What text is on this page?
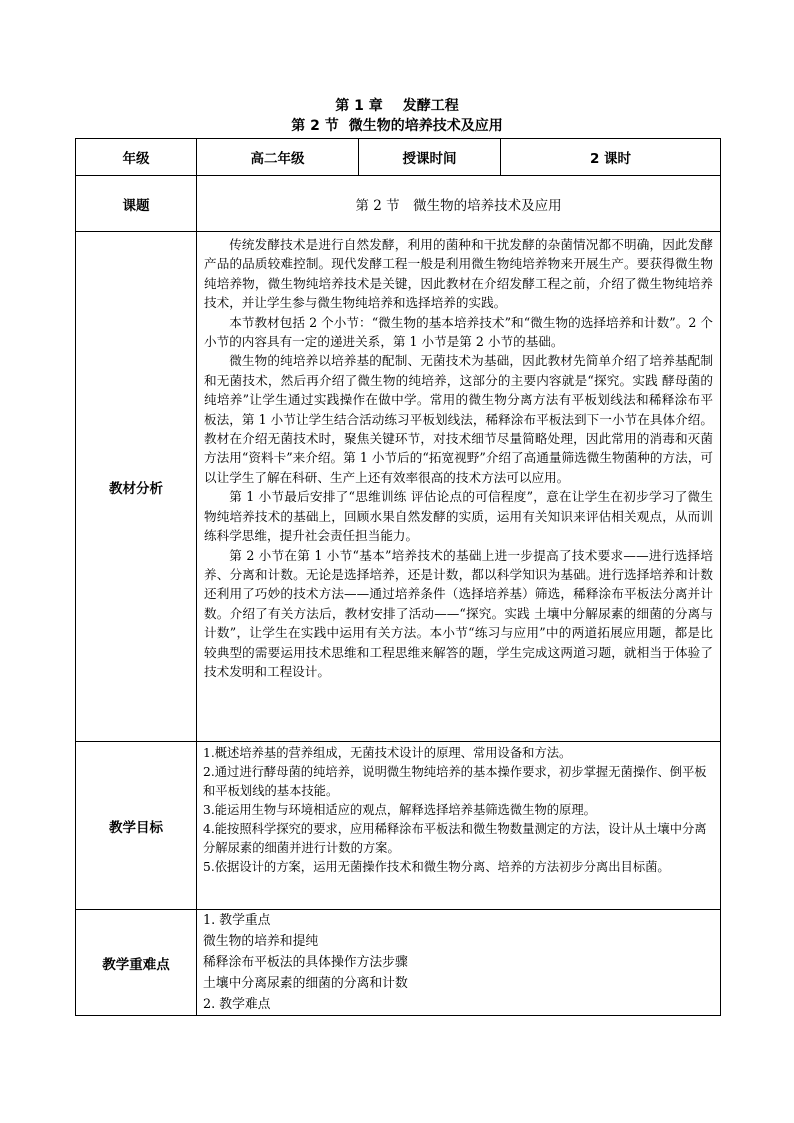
第 1 章 发酵工程
第 2 节 微生物的培养技术及应用
年级	高二年级	授课时间	2 课时
课题	第 2 节　微生物的培养技术及应用		
教材分析	传统发酵技术是进行自然发酵，利用的菌种和干扰发酵的杂菌情况都不明确，因此发酵产品的品质较难控制。现代发酵工程一般是利用微生物纯培养物来开展生产。要获得微生物纯培养物，微生物纯培养技术是关键，因此教材在介绍发酵工程之前，介绍了微生物纯培养技术，并让学生参与微生物纯培养和选择培养的实践。

本节教材包括 2 个小节：“微生物的基本培养技术”和“微生物的选择培养和计数”。2 个小节的内容具有一定的递进关系，第 1 小节是第 2 小节的基础。

微生物的纯培养以培养基的配制、无菌技术为基础，因此教材先简单介绍了培养基配制和无菌技术，然后再介绍了微生物的纯培养，这部分的主要内容就是“探究。实践 酵母菌的纯培养”让学生通过实践操作在做中学。常用的微生物分离方法有平板划线法和稀释涂布平板法，第 1 小节让学生结合活动练习平板划线法，稀释涂布平板法到下一小节在具体介绍。教材在介绍无菌技术时，聚焦关键环节，对技术细节尽量简略处理，因此常用的消毒和灭菌方法用“资料卡”来介绍。第 1 小节后的“拓宽视野”介绍了高通量筛选微生物菌种的方法，可以让学生了解在科研、生产上还有效率很高的技术方法可以应用。

第 1 小节最后安排了“思维训练 评估论点的可信程度”，意在让学生在初步学习了微生物纯培养技术的基础上，回顾水果自然发酵的实质，运用有关知识来评估相关观点，从而训练科学思维，提升社会责任担当能力。

第 2 小节在第 1 小节“基本”培养技术的基础上进一步提高了技术要求——进行选择培养、分离和计数。无论是选择培养，还是计数，都以科学知识为基础。进行选择培养和计数还利用了巧妙的技术方法——通过培养条件（选择培养基）筛选，稀释涂布平板法分离并计数。介绍了有关方法后，教材安排了活动——“探究。实践 土壤中分解尿素的细菌的分离与计数”，让学生在实践中运用有关方法。本小节“练习与应用”中的两道拓展应用题，都是比较典型的需要运用技术思维和工程思维来解答的题，学生完成这两道习题，就相当于体验了技术发明和工程设计。		

教学目标	1.概述培养基的营养组成，无菌技术设计的原理、常用设备和方法。
2.通过进行酵母菌的纯培养，说明微生物纯培养的基本操作要求，初步掌握无菌操作、倒平板和平板划线的基本技能。
3.能运用生物与环境相适应的观点，解释选择培养基筛选微生物的原理。
4.能按照科学探究的要求，应用稀释涂布平板法和微生物数量测定的方法，设计从土壤中分离分解尿素的细菌并进行计数的方案。
5.依据设计的方案，运用无菌操作技术和微生物分离、培养的方法初步分离出目标菌。		

教学重难点	1. 教学重点
微生物的培养和提纯
稀释涂布平板法的具体操作方法步骤
土壤中分离尿素的细菌的分离和计数
2. 教学难点		
